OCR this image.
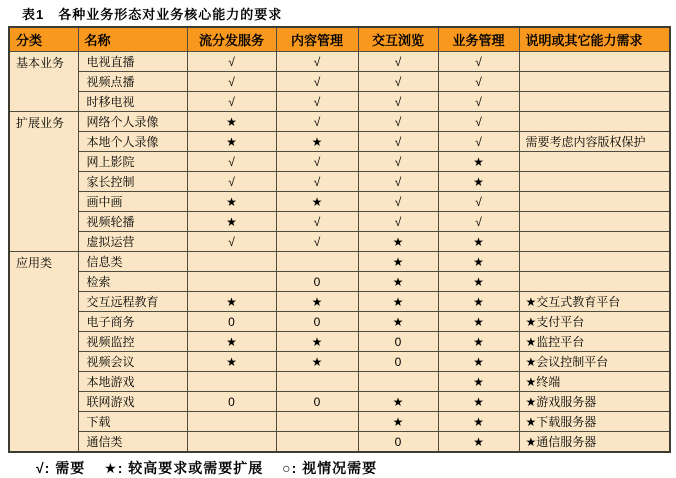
表1　各种业务形态对业务核心能力的要求
分类	名称	流分发服务	内容管理	交互浏览	业务管理	说明或其它能力需求
基本业务	电视直播	√	√	√	√	
	视频点播	√	√	√	√	
	时移电视	√	√	√	√	
扩展业务	网络个人录像	★	√	√	√	
	本地个人录像	★	★	√	√	需要考虑内容版权保护
	网上影院	√	√	√	★	
	家长控制	√	√	√	★	
	画中画	★	★	√	√	
	视频轮播	★	√	√	√	
	虚拟运营	√	√	★	★	
应用类	信息类			★	★	
	检索		0	★	★	
	交互远程教育	★	★	★	★	★交互式教育平台
	电子商务	0	0	★	★	★支付平台
	视频监控	★	★	0	★	★监控平台
	视频会议	★	★	0	★	★会议控制平台
	本地游戏				★	★终端
	联网游戏	0	0	★	★	★游戏服务器
	下载			★	★	★下载服务器
	通信类			0	★	★通信服务器
√: 需要 ★: 较高要求或需要扩展 ○: 视情况需要
